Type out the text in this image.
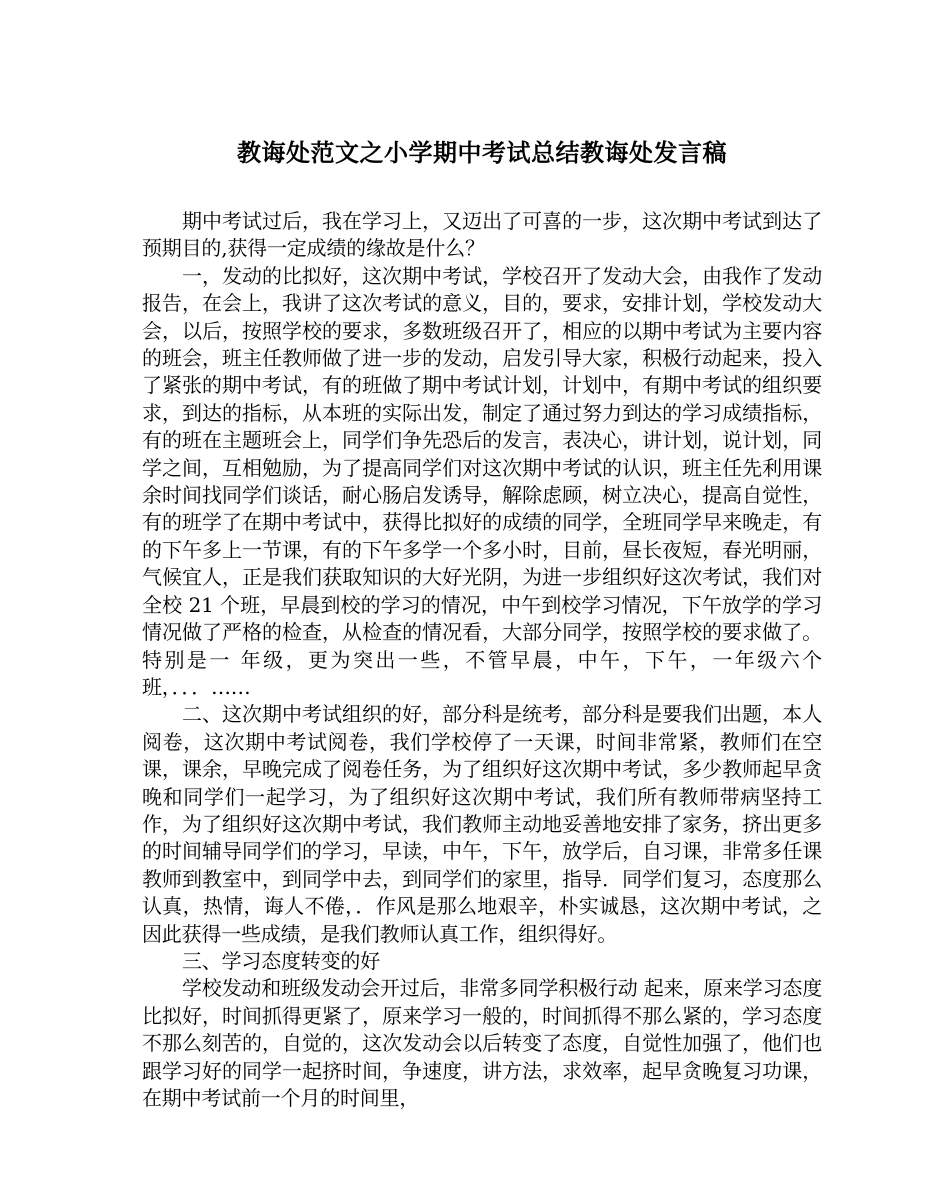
教诲处范文之小学期中考试总结教诲处发言稿

期中考试过后，我在学习上，又迈出了可喜的一步，这次期中考试到达了预期目的,获得一定成绩的缘故是什么？

一，发动的比拟好，这次期中考试，学校召开了发动大会，由我作了发动报告，在会上，我讲了这次考试的意义，目的，要求，安排计划，学校发动大会，以后，按照学校的要求，多数班级召开了，相应的以期中考试为主要内容的班会，班主任教师做了进一步的发动，启发引导大家，积极行动起来，投入了紧张的期中考试，有的班做了期中考试计划，计划中，有期中考试的组织要求，到达的指标，从本班的实际出发，制定了通过努力到达的学习成绩指标，有的班在主题班会上，同学们争先恐后的发言，表决心，讲计划，说计划，同学之间，互相勉励，为了提高同学们对这次期中考试的认识，班主任先利用课余时间找同学们谈话，耐心肠启发诱导，解除虑顾，树立决心，提高自觉性，有的班学了在期中考试中，获得比拟好的成绩的同学，全班同学早来晚走，有的下午多上一节课，有的下午多学一个多小时，目前，昼长夜短，春光明丽，气候宜人，正是我们获取知识的大好光阴，为进一步组织好这次考试，我们对全校 21 个班，早晨到校的学习的情况，中午到校学习情况，下午放学的学习情况做了严格的检查，从检查的情况看，大部分同学，按照学校的要求做了。特别是一 年级，更为突出一些，不管早晨，中午，下午，一年级六个班，．．．……

二、这次期中考试组织的好，部分科是统考，部分科是要我们出题，本人阅卷，这次期中考试阅卷，我们学校停了一天课，时间非常紧，教师们在空课，课余，早晚完成了阅卷任务，为了组织好这次期中考试，多少教师起早贪晚和同学们一起学习，为了组织好这次期中考试，我们所有教师带病坚持工作，为了组织好这次期中考试，我们教师主动地妥善地安排了家务，挤出更多的时间辅导同学们的学习，早读，中午，下午，放学后，自习课，非常多任课教师到教室中，到同学中去，到同学们的家里，指导．同学们复习，态度那么认真，热情，诲人不倦，．作风是那么地艰辛，朴实诚恳，这次期中考试，之因此获得一些成绩，是我们教师认真工作，组织得好。

三、学习态度转变的好

学校发动和班级发动会开过后，非常多同学积极行动 起来，原来学习态度比拟好，时间抓得更紧了，原来学习一般的，时间抓得不那么紧的，学习态度不那么刻苦的，自觉的，这次发动会以后转变了态度，自觉性加强了，他们也跟学习好的同学一起挤时间，争速度，讲方法，求效率，起早贪晚复习功课，在期中考试前一个月的时间里，
